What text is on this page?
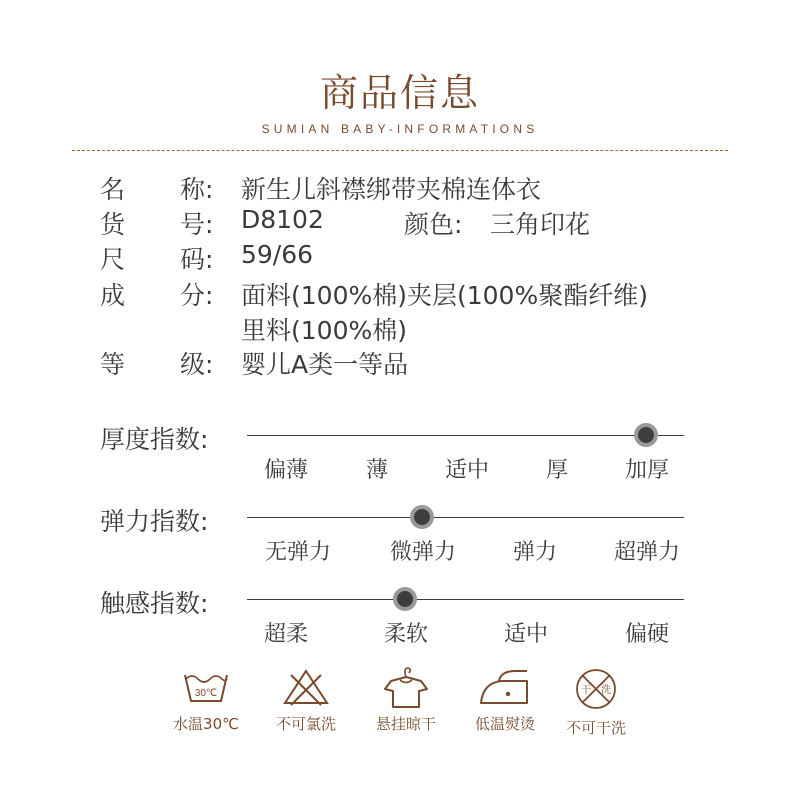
商品信息
SUMIAN BABY-INFORMATIONS
名 称: 新生儿斜襟绑带夹棉连体衣
货 号: D8102	颜色: 三角印花
尺 码: 59/66
成 分: 面料(100%棉)夹层(100%聚酯纤维)
里料(100%棉)
等 级: 婴儿A类一等品
厚度指数:
偏薄	薄	适中	厚	加厚
弹力指数:
无弹力	微弹力	弹力	超弹力
触感指数:
超柔	柔软	适中	偏硬
30℃
水温30℃	不可氯洗	悬挂晾干	低温熨烫
干 洗
不可干洗
